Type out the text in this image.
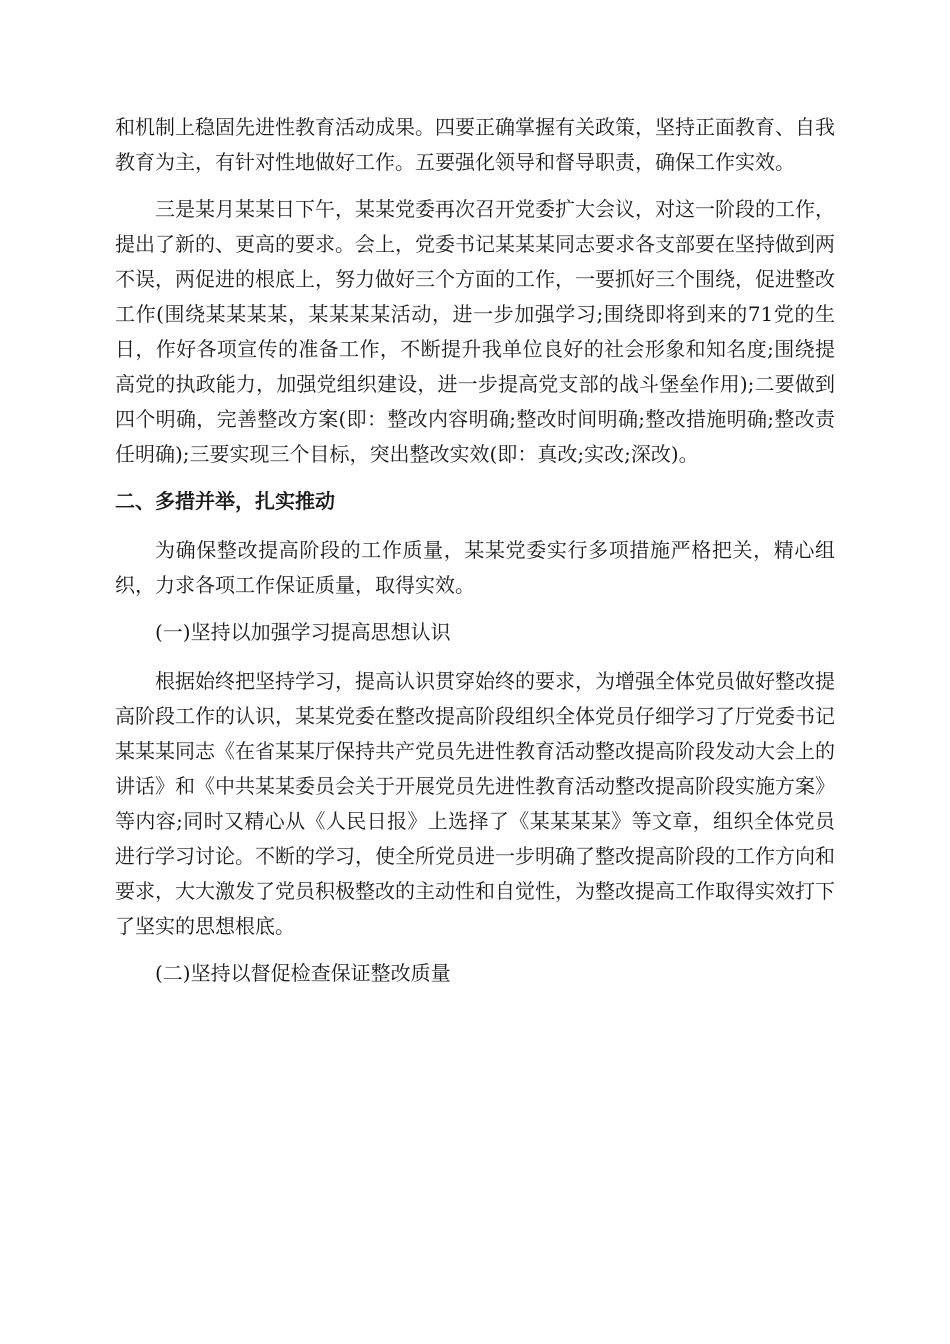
和机制上稳固先进性教育活动成果。四要正确掌握有关政策，坚持正面教育、自我教育为主，有针对性地做好工作。五要强化领导和督导职责，确保工作实效。

三是某月某某日下午，某某党委再次召开党委扩大会议，对这一阶段的工作，提出了新的、更高的要求。会上，党委书记某某某同志要求各支部要在坚持做到两不误，两促进的根底上，努力做好三个方面的工作，一要抓好三个围绕，促进整改工作(围绕某某某某，某某某某活动，进一步加强学习;围绕即将到来的71党的生日，作好各项宣传的准备工作，不断提升我单位良好的社会形象和知名度;围绕提高党的执政能力，加强党组织建设，进一步提高党支部的战斗堡垒作用);二要做到四个明确，完善整改方案(即：整改内容明确;整改时间明确;整改措施明确;整改责任明确);三要实现三个目标，突出整改实效(即：真改;实改;深改)。

二、多措并举，扎实推动

为确保整改提高阶段的工作质量，某某党委实行多项措施严格把关，精心组织，力求各项工作保证质量，取得实效。

(一)坚持以加强学习提高思想认识

根据始终把坚持学习，提高认识贯穿始终的要求，为增强全体党员做好整改提高阶段工作的认识，某某党委在整改提高阶段组织全体党员仔细学习了厅党委书记某某某同志《在省某某厅保持共产党员先进性教育活动整改提高阶段发动大会上的讲话》和《中共某某委员会关于开展党员先进性教育活动整改提高阶段实施方案》等内容;同时又精心从《人民日报》上选择了《某某某某》等文章，组织全体党员进行学习讨论。不断的学习，使全所党员进一步明确了整改提高阶段的工作方向和要求，大大激发了党员积极整改的主动性和自觉性，为整改提高工作取得实效打下了坚实的思想根底。

(二)坚持以督促检查保证整改质量
